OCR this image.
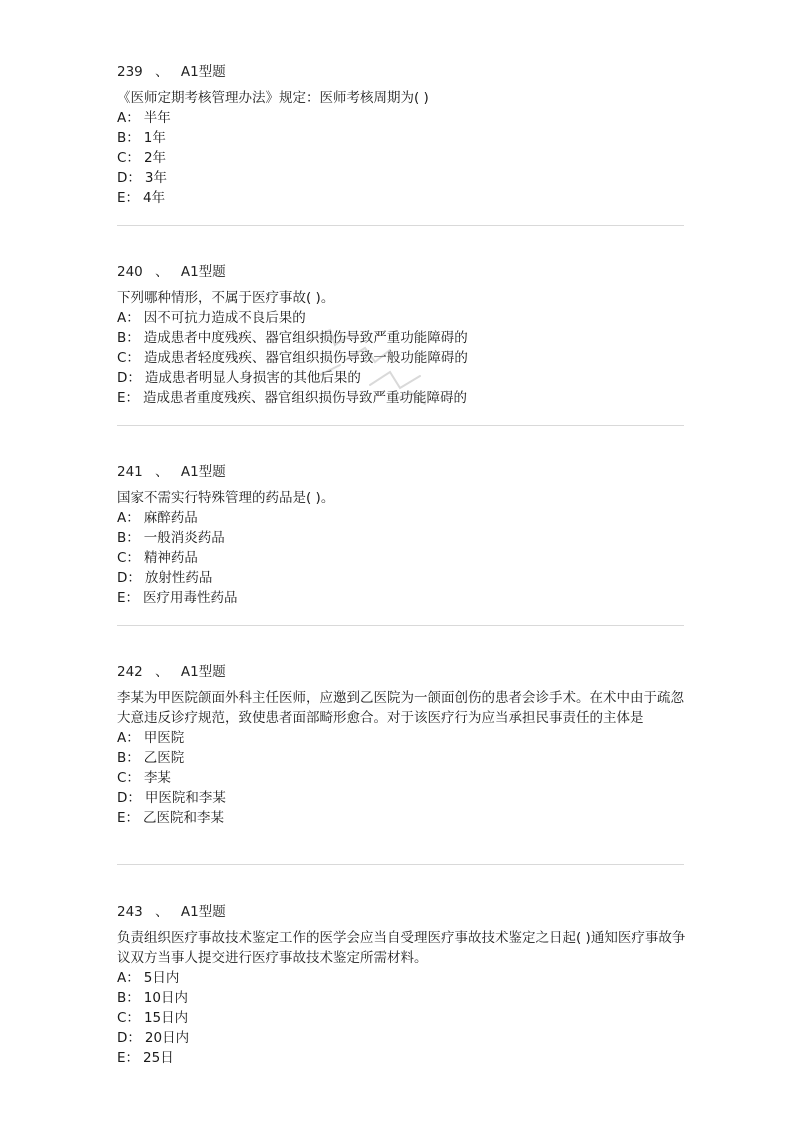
239 、 A1型题
《医师定期考核管理办法》规定：医师考核周期为( )
A： 半年
B： 1年
C： 2年
D： 3年
E： 4年
240 、 A1型题
下列哪种情形，不属于医疗事故( )。
A： 因不可抗力造成不良后果的
B： 造成患者中度残疾、器官组织损伤导致严重功能障碍的
C： 造成患者轻度残疾、器官组织损伤导致一般功能障碍的
D： 造成患者明显人身损害的其他后果的
E： 造成患者重度残疾、器官组织损伤导致严重功能障碍的
241 、 A1型题
国家不需实行特殊管理的药品是( )。
A： 麻醉药品
B： 一般消炎药品
C： 精神药品
D： 放射性药品
E： 医疗用毒性药品
242 、 A1型题
李某为甲医院颌面外科主任医师，应邀到乙医院为一颌面创伤的患者会诊手术。在术中由于疏忽大意违反诊疗规范，致使患者面部畸形愈合。对于该医疗行为应当承担民事责任的主体是
A： 甲医院
B： 乙医院
C： 李某
D： 甲医院和李某
E： 乙医院和李某
243 、 A1型题
负责组织医疗事故技术鉴定工作的医学会应当自受理医疗事故技术鉴定之日起( )通知医疗事故争议双方当事人提交进行医疗事故技术鉴定所需材料。
A： 5日内
B： 10日内
C： 15日内
D： 20日内
E： 25日
